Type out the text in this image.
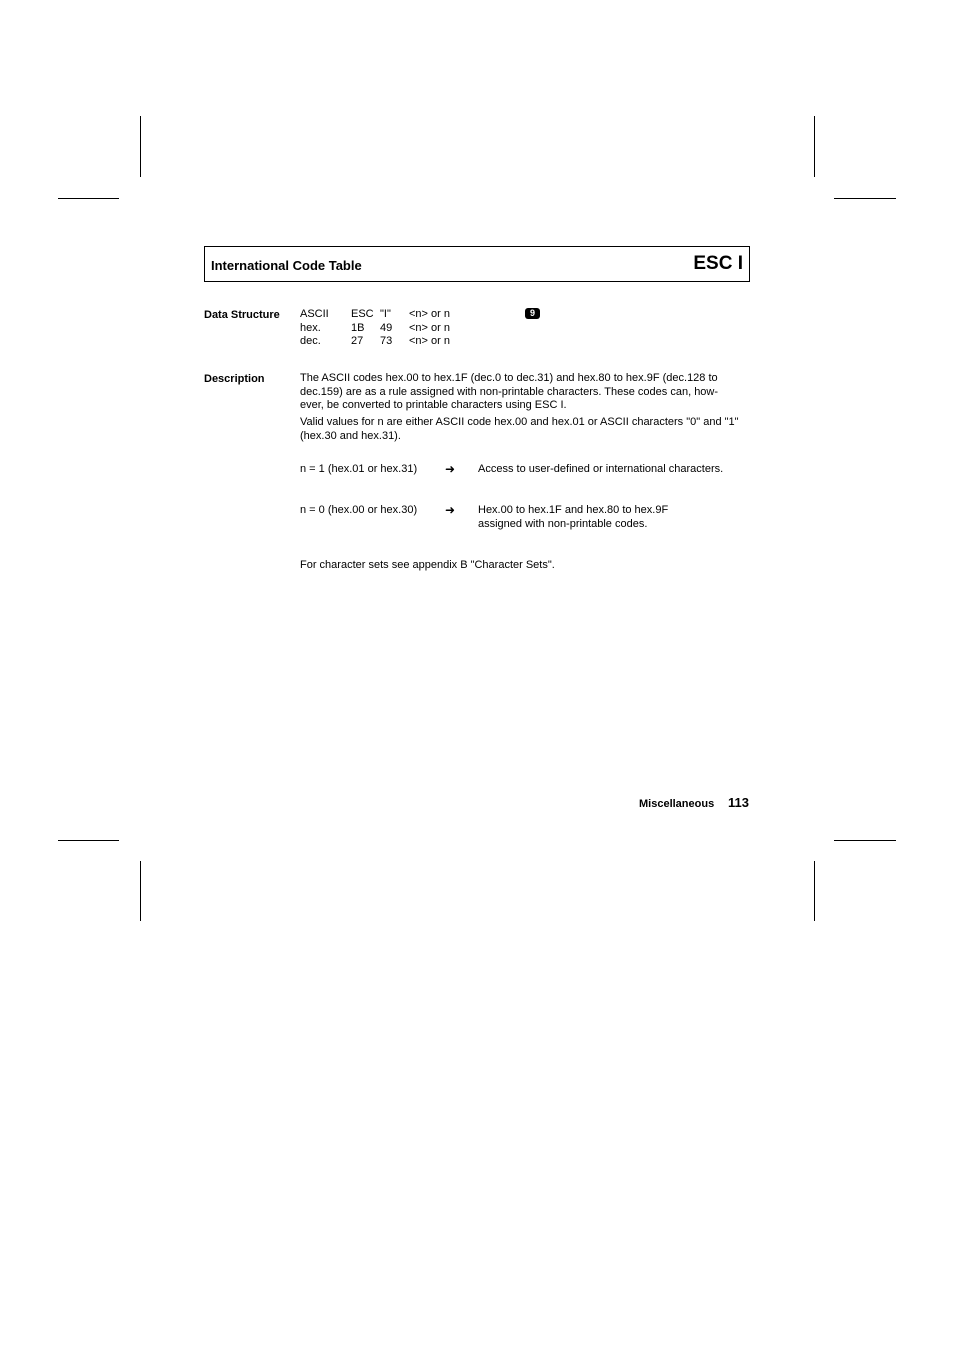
International Code Table	ESC I
Data Structure ASCII ESC "I" <n> or n
hex.	1B 49 <n> or n
dec.	27 73 <n> or n
9
Description	The ASCII codes hex.00 to hex.1F (dec.0 to dec.31) and hex.80 to hex.9F (dec.128 to dec.159) are as a rule assigned with non-printable characters. These codes can, how-ever, be converted to printable characters using ESC I.
Valid values for n are either ASCII code hex.00 and hex.01 or ASCII characters "0" and "1" (hex.30 and hex.31).
n = 1 (hex.01 or hex.31) ➜ Access to user-defined or international characters.
n = 0 (hex.00 or hex.30) ➜ Hex.00 to hex.1F and hex.80 to hex.9F
assigned with non-printable codes.
For character sets see appendix B "Character Sets".
Miscellaneous 113
